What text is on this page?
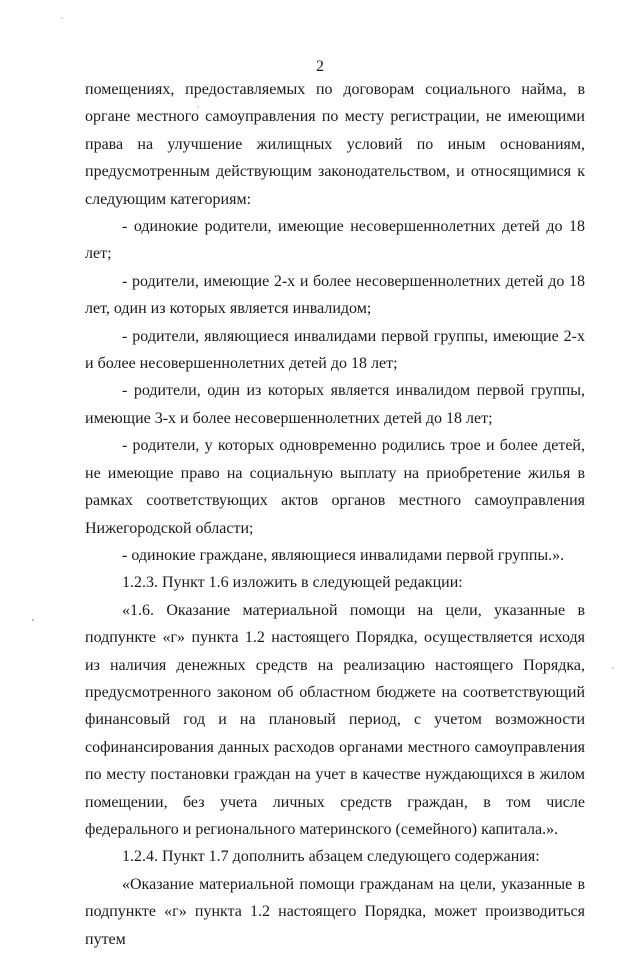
2

помещениях, предоставляемых по договорам социального найма, в органе местного самоуправления по месту регистрации, не имеющими права на улучшение жилищных условий по иным основаниям, предусмотренным действующим законодательством, и относящимися к следующим категориям:

- одинокие родители, имеющие несовершеннолетних детей до 18 лет;

- родители, имеющие 2-х и более несовершеннолетних детей до 18 лет, один из которых является инвалидом;

- родители, являющиеся инвалидами первой группы, имеющие 2-х и более несовершеннолетних детей до 18 лет;

- родители, один из которых является инвалидом первой группы, имеющие 3-х и более несовершеннолетних детей до 18 лет;

- родители, у которых одновременно родились трое и более детей, не имеющие право на социальную выплату на приобретение жилья в рамках соответствующих актов органов местного самоуправления Нижегородской области;

- одинокие граждане, являющиеся инвалидами первой группы.».

1.2.3. Пункт 1.6 изложить в следующей редакции:

«1.6. Оказание материальной помощи на цели, указанные в подпункте «г» пункта 1.2 настоящего Порядка, осуществляется исходя из наличия денежных средств на реализацию настоящего Порядка, предусмотренного законом об областном бюджете на соответствующий финансовый год и на плановый период, с учетом возможности софинансирования данных расходов органами местного самоуправления по месту постановки граждан на учет в качестве нуждающихся в жилом помещении, без учета личных средств граждан, в том числе федерального и регионального материнского (семейного) капитала.».

1.2.4. Пункт 1.7 дополнить абзацем следующего содержания:

«Оказание материальной помощи гражданам на цели, указанные в подпункте «г» пункта 1.2 настоящего Порядка, может производиться путем
